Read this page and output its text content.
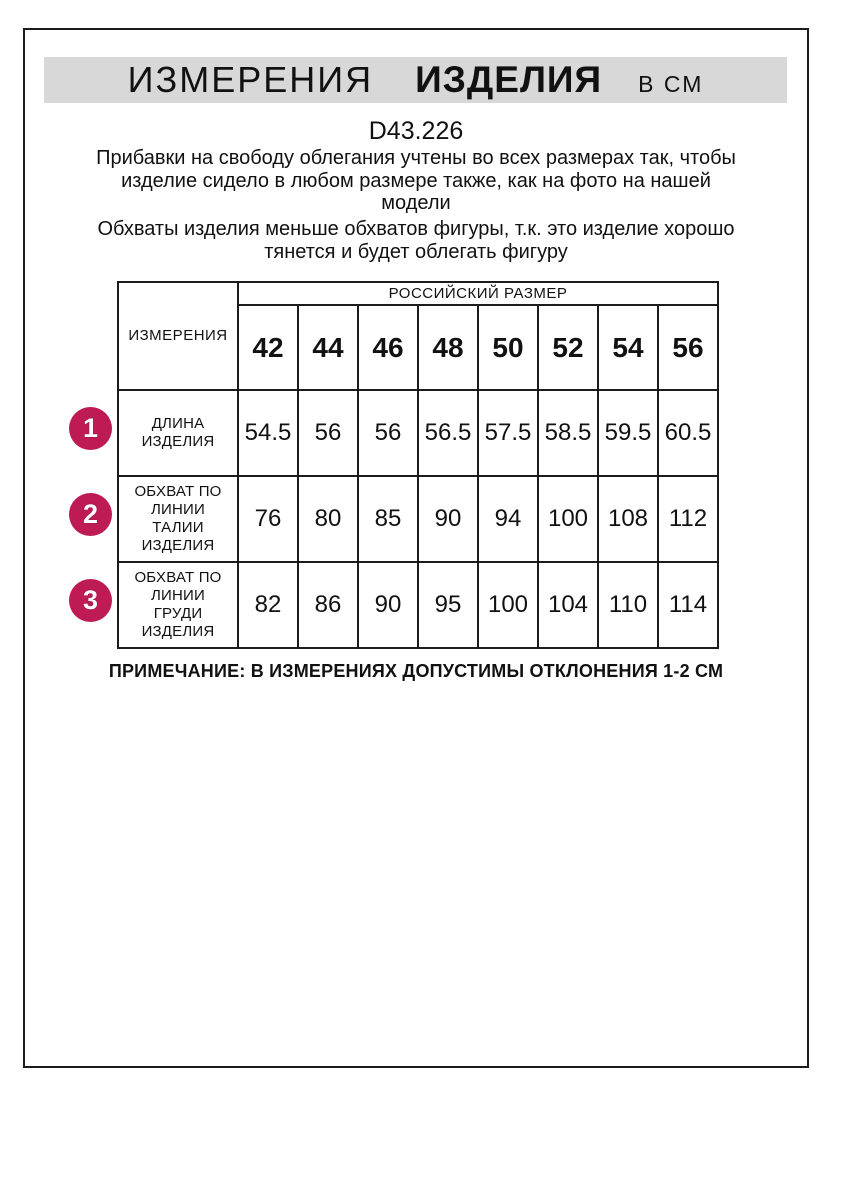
ИЗМЕРЕНИЯ ИЗДЕЛИЯ В СМ
D43.226
Прибавки на свободу облегания учтены во всех размерах так, чтобы
изделие сидело в любом размере также, как на фото на нашей
модели
Обхваты изделия меньше обхватов фигуры, т.к. это изделие хорошо
тянется и будет облегать фигуру
ИЗМЕРЕНИЯ	РОССИЙСКИЙ РАЗМЕР							
	42	44	46	48	50	52	54	56
ДЛИНА ИЗДЕЛИЯ	54.5	56	56	56.5	57.5	58.5	59.5	60.5
ОБХВАТ ПО ЛИНИИ ТАЛИИ ИЗДЕЛИЯ	76	80	85	90	94	100	108	112
ОБХВАТ ПО ЛИНИИ ГРУДИ ИЗДЕЛИЯ	82	86	90	95	100	104	110	114
1
2
3
ПРИМЕЧАНИЕ: В ИЗМЕРЕНИЯХ ДОПУСТИМЫ ОТКЛОНЕНИЯ 1-2 СМ
